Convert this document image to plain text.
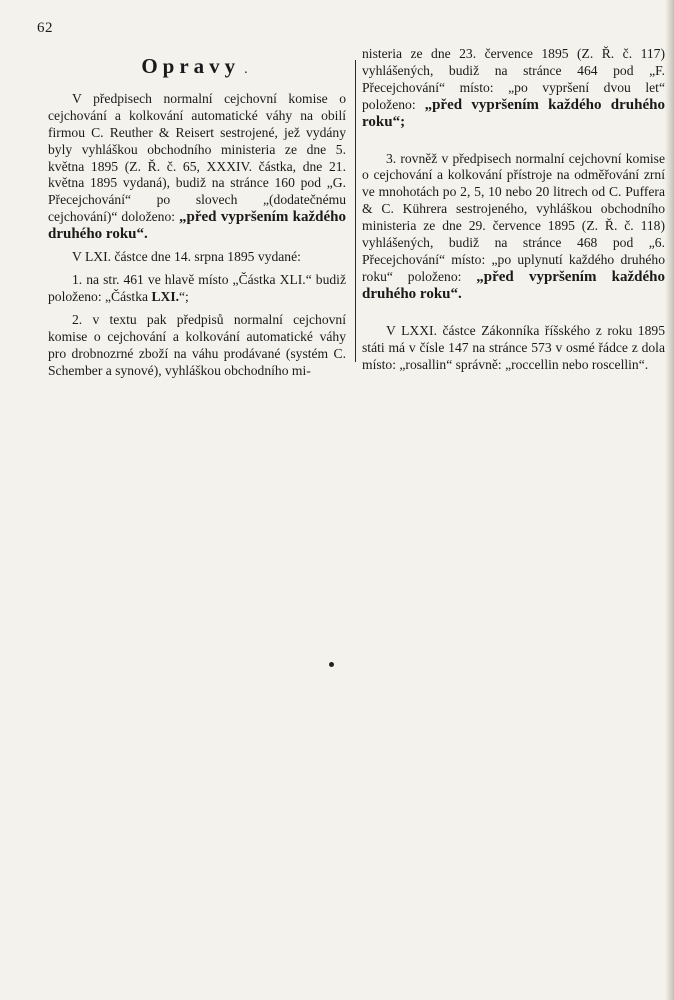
62
Opravy .

V předpisech normalní cejchovní komise o cejchování a kolkování automatické váhy na obilí firmou C. Reuther & Reisert sestrojené, jež vydány byly vyhláškou obchodního ministeria ze dne 5. května 1895 (Z. Ř. č. 65, XXXIV. částka, dne 21. května 1895 vydaná), budiž na stránce 160 pod „G. Přecejchování“ po slovech „(dodatečnému cejchování)“ doloženo: „před vypršením každého druhého roku“.

V LXI. částce dne 14. srpna 1895 vydané:

1. na str. 461 ve hlavě místo „Částka XLI.“ budiž položeno: „Částka LXI.“;

2. v textu pak předpisů normalní cejchovní komise o cejchování a kolkování automatické váhy pro drobnozrné zboží na váhu prodávané (systém C. Schember a synové), vyhláškou obchodního mi-

nisteria ze dne 23. července 1895 (Z. Ř. č. 117) vyhlášených, budiž na stránce 464 pod „F. Přecejchování“ místo: „po vypršení dvou let“ položeno: „před vypršením každého druhého roku“;

3. rovněž v předpisech normalní cejchovní komise o cejchování a kolkování přístroje na odměřování zrní ve mnohotách po 2, 5, 10 nebo 20 litrech od C. Puffera & C. Kührera sestrojeného, vyhláškou obchodního ministeria ze dne 29. července 1895 (Z. Ř. č. 118) vyhlášených, budiž na stránce 468 pod „6. Přecejchování“ místo: „po uplynutí každého druhého roku“ položeno: „před vypršením každého druhého roku“.

V LXXI. částce Zákonníka říšského z roku 1895 státi má v čísle 147 na stránce 573 v osmé řádce z dola místo: „rosallin“ správně: „roccellin nebo roscellin“.
